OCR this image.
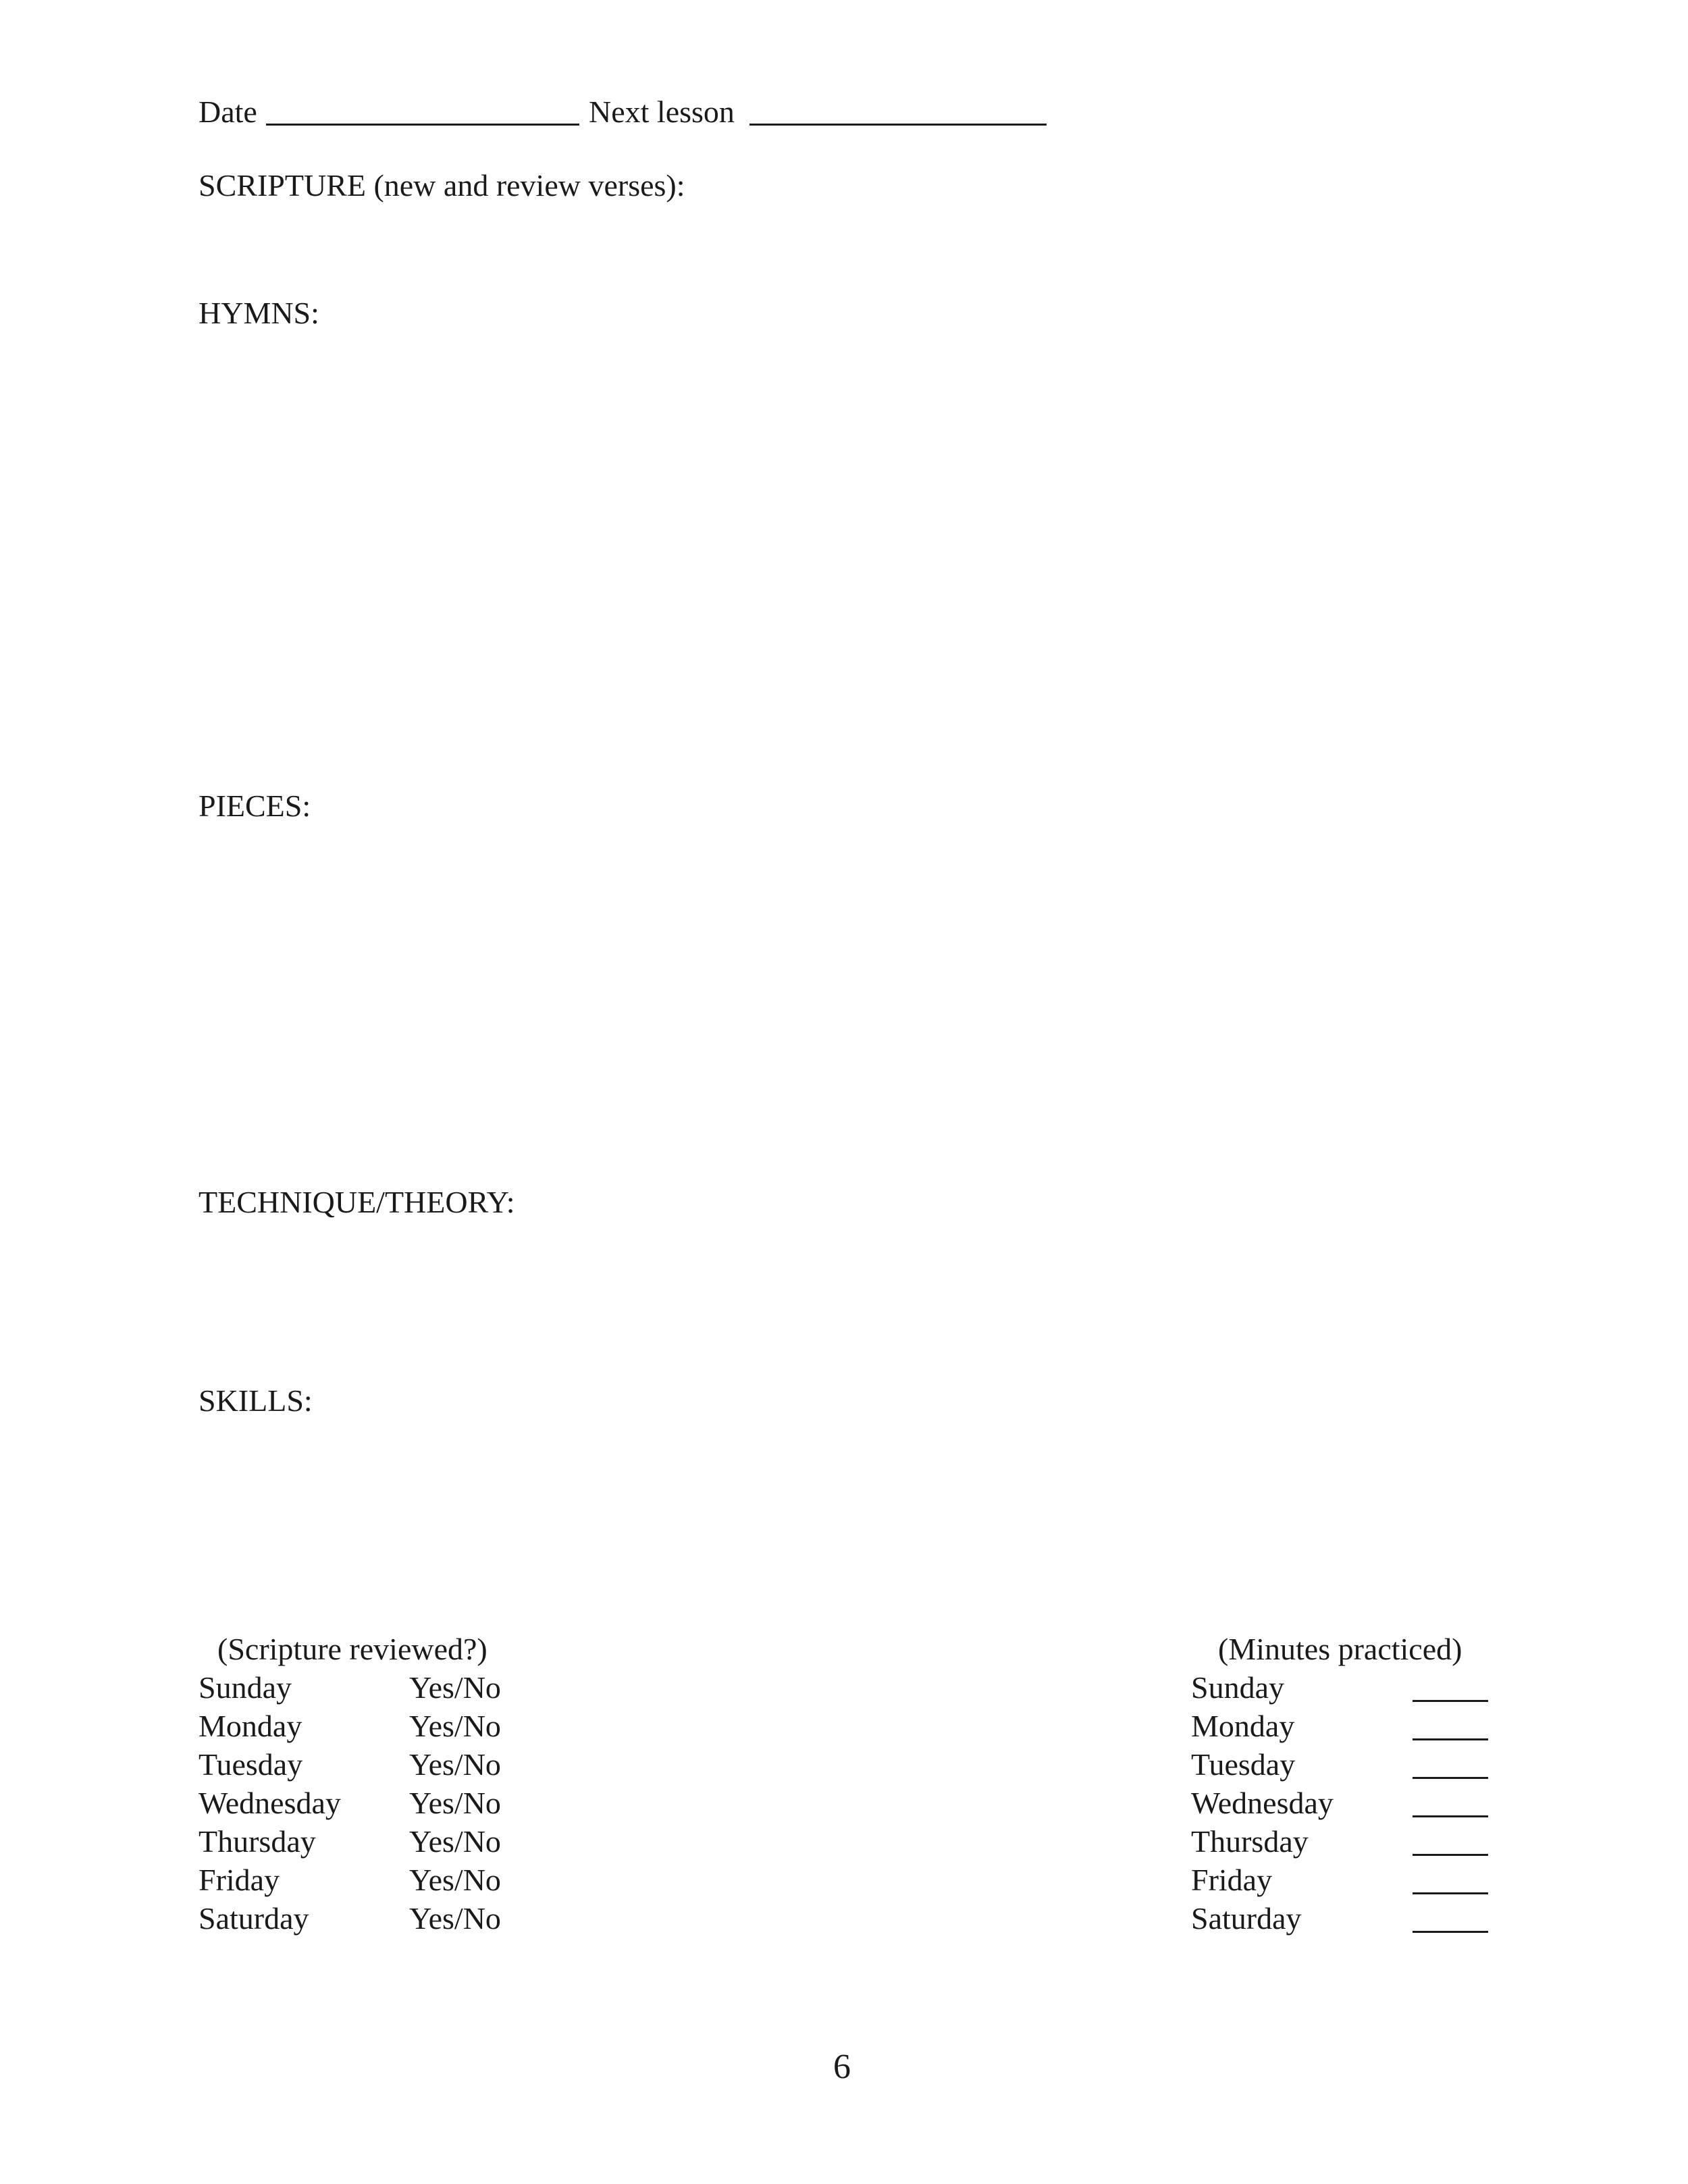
Date	Next lesson
SCRIPTURE (new and review verses):
HYMNS:
PIECES:
TECHNIQUE/THEORY:
SKILLS:
(Scripture reviewed?)
Sunday	Yes/No
Monday	Yes/No
Tuesday	Yes/No
Wednesday Yes/No
Thursday	Yes/No
Friday	Yes/No
Saturday	Yes/No
(Minutes practiced)
Sunday
Monday
Tuesday
Wednesday
Thursday
Friday
Saturday
6
